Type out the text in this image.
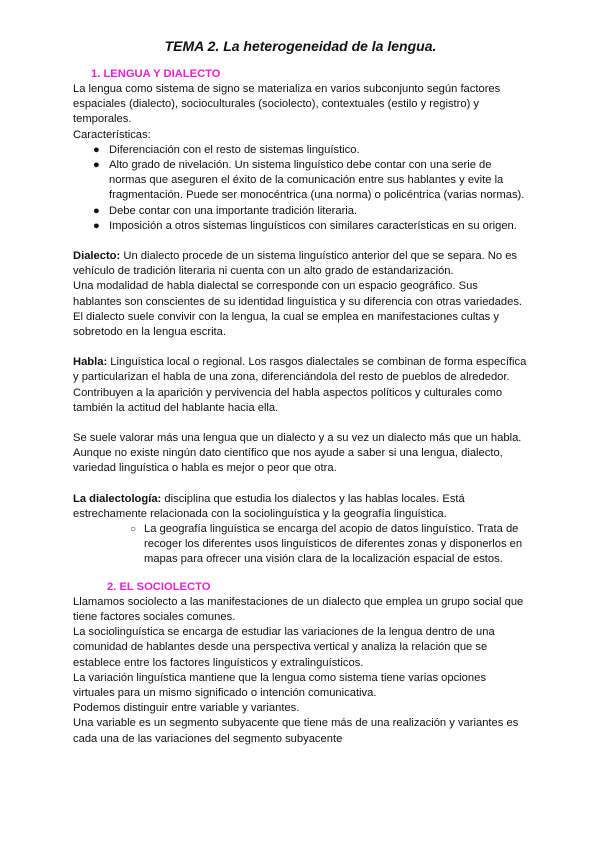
TEMA 2. La heterogeneidad de la lengua.
1. LENGUA Y DIALECTO

La lengua como sistema de signo se materializa en varios subconjunto según factores espaciales (dialecto), socioculturales (sociolecto), contextuales (estilo y registro) y temporales.

Características:

● Diferenciación con el resto de sistemas linguístico.
● Alto grado de nivelación. Un sistema linguístico debe contar con una serie de normas que aseguren el éxito de la comunicación entre sus hablantes y evite la fragmentación. Puede ser monocéntrica (una norma) o policéntrica (varias normas).
● Debe contar con una importante tradición literaria.
● Imposición a otros sistemas linguísticos con similares características en su origen.

Dialecto: Un dialecto procede de un sistema linguístico anterior del que se separa. No es vehículo de tradición literaria ni cuenta con un alto grado de estandarización.

Una modalidad de habla dialectal se corresponde con un espacio geográfico. Sus hablantes son conscientes de su identidad linguística y su diferencia con otras variedades.

El dialecto suele convivir con la lengua, la cual se emplea en manifestaciones cultas y sobretodo en la lengua escrita.

Habla: Linguística local o regional. Los rasgos dialectales se combinan de forma específica y particularizan el habla de una zona, diferenciándola del resto de pueblos de alrededor. Contribuyen a la aparición y pervivencia del habla aspectos políticos y culturales como también la actitud del hablante hacia ella.

Se suele valorar más una lengua que un dialecto y a su vez un dialecto más que un habla. Aunque no existe ningún dato científico que nos ayude a saber si una lengua, dialecto, variedad linguística o habla es mejor o peor que otra.

La dialectología: disciplina que estudia los dialectos y las hablas locales. Está estrechamente relacionada con la sociolinguística y la geografía linguística.

○ La geografía linguística se encarga del acopio de datos linguístico. Trata de recoger los diferentes usos linguísticos de diferentes zonas y disponerlos en mapas para ofrecer una visión clara de la localización espacial de estos.
2. EL SOCIOLECTO

Llamamos sociolecto a las manifestaciones de un dialecto que emplea un grupo social que tiene factores sociales comunes.

La sociolinguística se encarga de estudiar las variaciones de la lengua dentro de una comunidad de hablantes desde una perspectiva vertical y analiza la relación que se establece entre los factores linguísticos y extralinguísticos.

La variación linguística mantiene que la lengua como sistema tiene varias opciones virtuales para un mismo significado o intención comunicativa.

Podemos distinguir entre variable y variantes.

Una variable es un segmento subyacente que tiene más de una realización y variantes es cada una de las variaciones del segmento subyacente
